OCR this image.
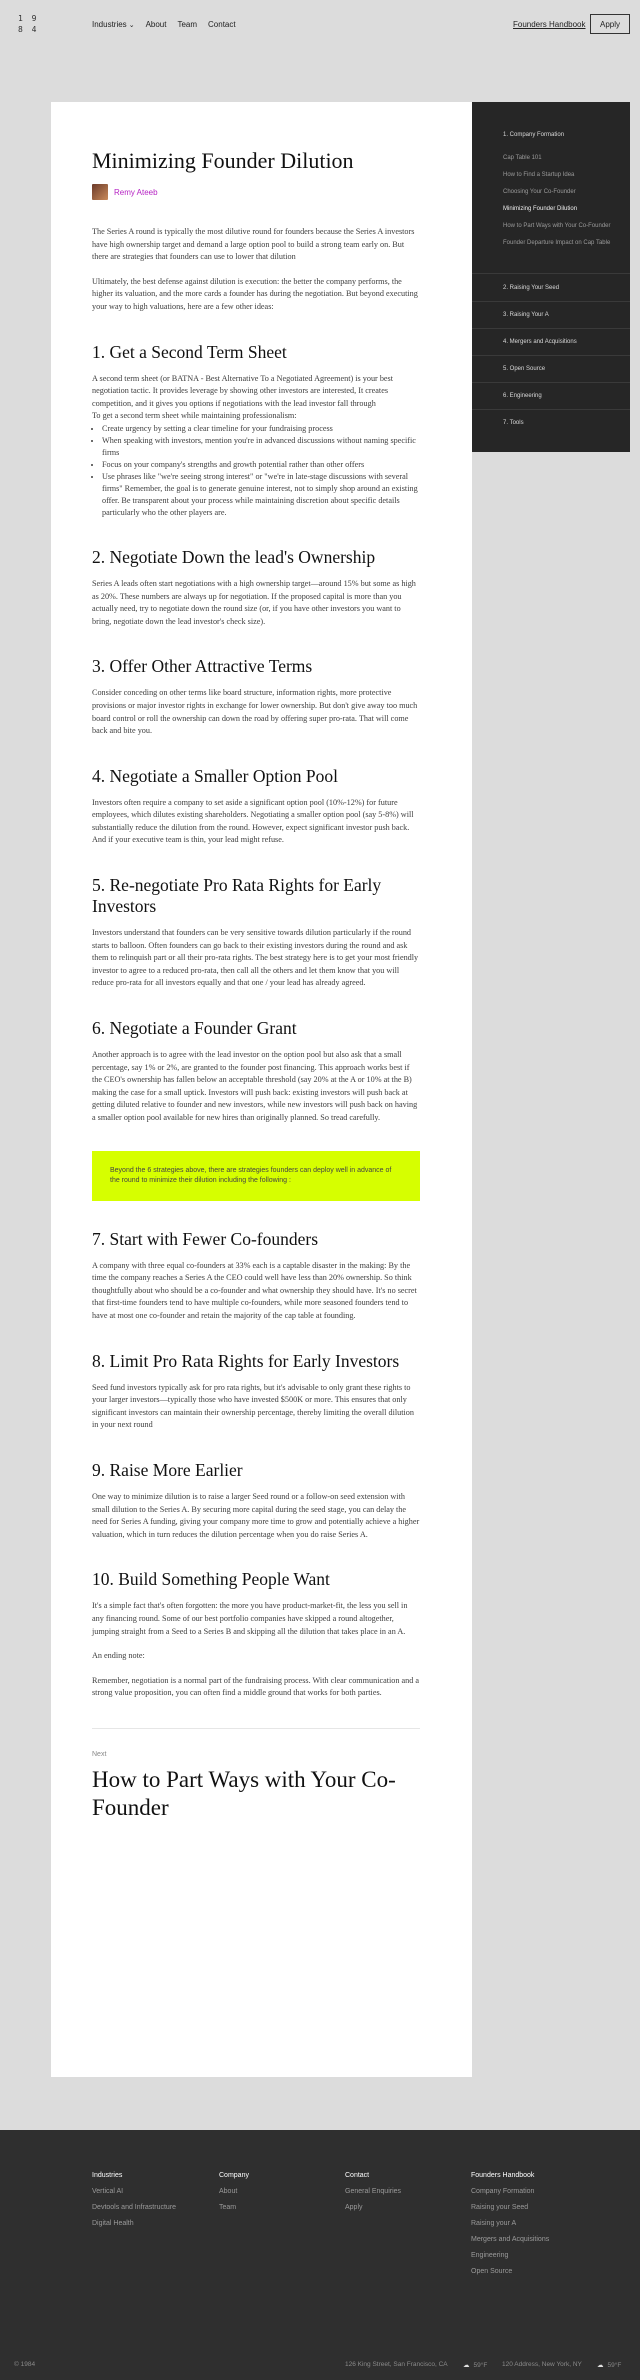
1 9
8 4
Industries ⌄ About Team Contact	Founders Handbook	Apply
Minimizing Founder Dilution
Remy Ateeb

The Series A round is typically the most dilutive round for founders because the Series A investors have high ownership target and demand a large option pool to build a strong team early on. But there are strategies that founders can use to lower that dilution

Ultimately, the best defense against dilution is execution: the better the company performs, the higher its valuation, and the more cards a founder has during the negotiation. But beyond executing your way to high valuations, here are a few other ideas:

1. Get a Second Term Sheet

A second term sheet (or BATNA - Best Alternative To a Negotiated Agreement) is your best negotiation tactic. It provides leverage by showing other investors are interested, It creates competition, and it gives you options if negotiations with the lead investor fall through

To get a second term sheet while maintaining professionalism:

• Create urgency by setting a clear timeline for your fundraising process
• When speaking with investors, mention you're in advanced discussions without naming specific firms
• Focus on your company's strengths and growth potential rather than other offers
• Use phrases like "we're seeing strong interest" or "we're in late-stage discussions with several firms" Remember, the goal is to generate genuine interest, not to simply shop around an existing offer. Be transparent about your process while maintaining discretion about specific details particularly who the other players are.
2. Negotiate Down the lead's Ownership

Series A leads often start negotiations with a high ownership target—around 15% but some as high as 20%. These numbers are always up for negotiation. If the proposed capital is more than you actually need, try to negotiate down the round size (or, if you have other investors you want to bring, negotiate down the lead investor's check size).

3. Offer Other Attractive Terms

Consider conceding on other terms like board structure, information rights, more protective provisions or major investor rights in exchange for lower ownership. But don't give away too much board control or roll the ownership can down the road by offering super pro-rata. That will come back and bite you.

4. Negotiate a Smaller Option Pool

Investors often require a company to set aside a significant option pool (10%-12%) for future employees, which dilutes existing shareholders. Negotiating a smaller option pool (say 5-8%) will substantially reduce the dilution from the round. However, expect significant investor push back. And if your executive team is thin, your lead might refuse.

5. Re-negotiate Pro Rata Rights for Early Investors

Investors understand that founders can be very sensitive towards dilution particularly if the round starts to balloon. Often founders can go back to their existing investors during the round and ask them to relinquish part or all their pro-rata rights. The best strategy here is to get your most friendly investor to agree to a reduced pro-rata, then call all the others and let them know that you will reduce pro-rata for all investors equally and that one / your lead has already agreed.

6. Negotiate a Founder Grant

Another approach is to agree with the lead investor on the option pool but also ask that a small percentage, say 1% or 2%, are granted to the founder post financing. This approach works best if the CEO's ownership has fallen below an acceptable threshold (say 20% at the A or 10% at the B) making the case for a small uptick. Investors will push back: existing investors will push back at getting diluted relative to founder and new investors, while new investors will push back on having a smaller option pool available for new hires than originally planned. So tread carefully.

Beyond the 6 strategies above, there are strategies founders can deploy well in advance of the round to minimize their dilution including the following :
7. Start with Fewer Co-founders

A company with three equal co-founders at 33% each is a captable disaster in the making: By the time the company reaches a Series A the CEO could well have less than 20% ownership. So think thoughtfully about who should be a co-founder and what ownership they should have. It's no secret that first-time founders tend to have multiple co-founders, while more seasoned founders tend to have at most one co-founder and retain the majority of the cap table at founding.

8. Limit Pro Rata Rights for Early Investors

Seed fund investors typically ask for pro rata rights, but it's advisable to only grant these rights to your larger investors—typically those who have invested $500K or more. This ensures that only significant investors can maintain their ownership percentage, thereby limiting the overall dilution in your next round

9. Raise More Earlier

One way to minimize dilution is to raise a larger Seed round or a follow-on seed extension with small dilution to the Series A. By securing more capital during the seed stage, you can delay the need for Series A funding, giving your company more time to grow and potentially achieve a higher valuation, which in turn reduces the dilution percentage when you do raise Series A.

10. Build Something People Want

It's a simple fact that's often forgotten: the more you have product-market-fit, the less you sell in any financing round. Some of our best portfolio companies have skipped a round altogether, jumping straight from a Seed to a Series B and skipping all the dilution that takes place in an A.

An ending note:

Remember, negotiation is a normal part of the fundraising process. With clear communication and a strong value proposition, you can often find a middle ground that works for both parties.

Next
How to Part Ways with Your Co-Founder
1. Company Formation
Cap Table 101
How to Find a Startup Idea
Choosing Your Co-Founder
Minimizing Founder Dilution
How to Part Ways with Your Co-Founder
Founder Departure Impact on Cap Table
2. Raising Your Seed
3. Raising Your A
4. Mergers and Acquisitions
5. Open Source
6. Engineering
7. Tools
Industries
Vertical AI
Devtools and Infrastructure
Digital Health
Company
About
Team
Contact
General Enquiries
Apply
Founders Handbook
Company Formation
Raising your Seed
Raising your A
Mergers and Acquisitions
Engineering
Open Source
© 1984	126 King Street, San Francisco, CA ☁ 59°F 120 Address, New York, NY ☁ 59°F
